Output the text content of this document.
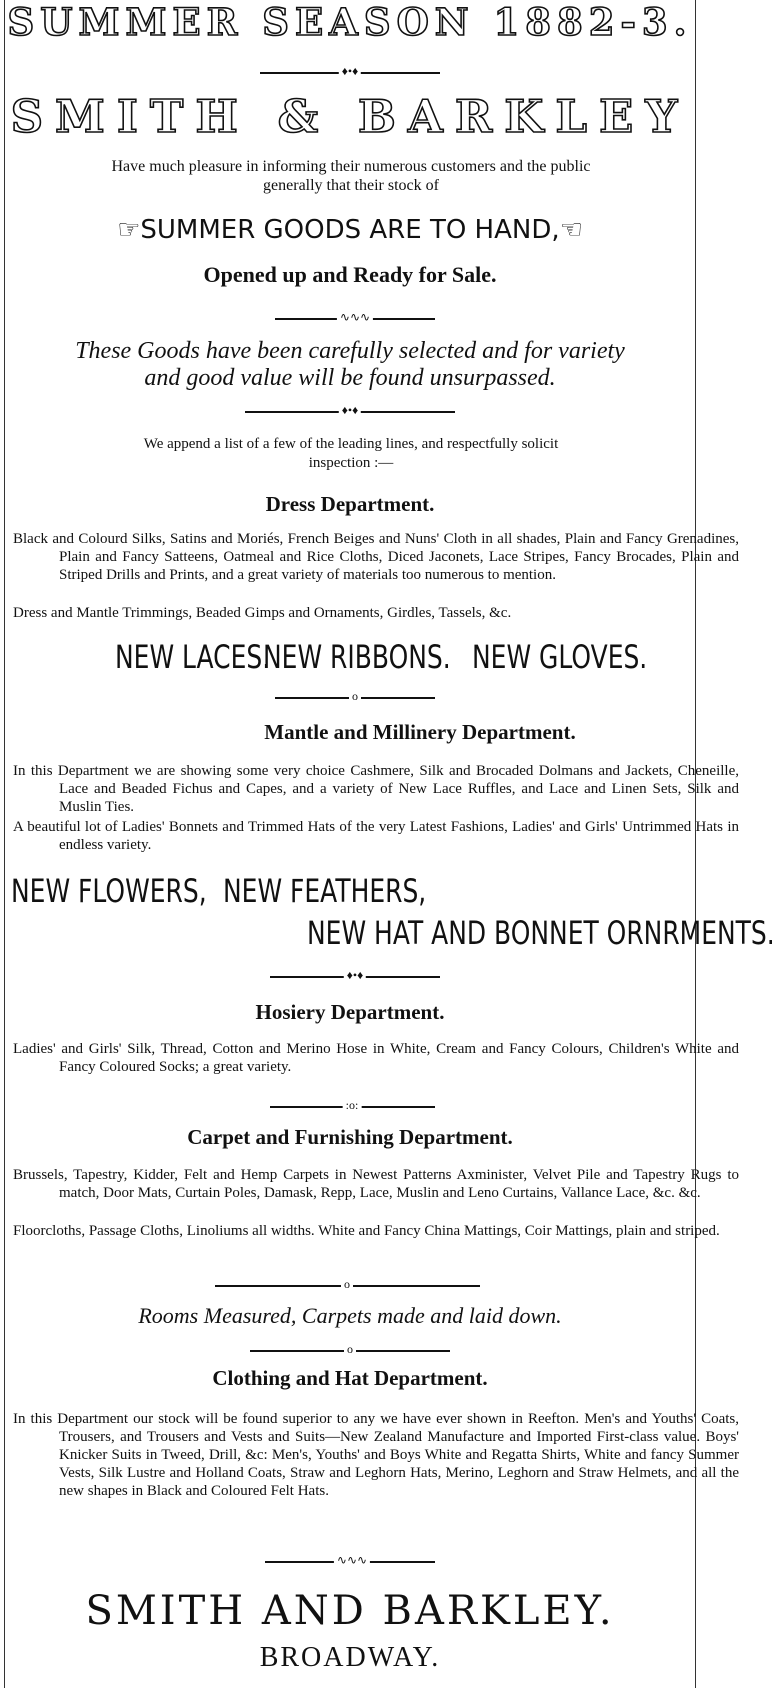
SUMMER SEASON 1882-3.
♦•♦
SMITH & BARKLEY
Have much pleasure in informing their numerous customers and the public
generally that their stock of
☞SUMMER GOODS ARE TO HAND,☜
Opened up and Ready for Sale.
∿∿∿
These Goods have been carefully selected and for variety
and good value will be found unsurpassed.
♦•♦
We append a list of a few of the leading lines, and respectfully solicit
inspection :—
Dress Department.
Black and Colourd Silks, Satins and Moriés, French Beiges and Nuns' Cloth in all shades, Plain and Fancy Grenadines, Plain and Fancy Satteens, Oatmeal and Rice Cloths, Diced Jaconets, Lace Stripes, Fancy Brocades, Plain and Striped Drills and Prints, and a great variety of materials too numerous to mention.
Dress and Mantle Trimmings, Beaded Gimps and Ornaments, Girdles, Tassels, &c.
NEW LACES.
NEW RIBBONS. NEW GLOVES.
o
Mantle and Millinery Department.
In this Department we are showing some very choice Cashmere, Silk and Brocaded Dolmans and Jackets, Cheneille, Lace and Beaded Fichus and Capes, and a variety of New Lace Ruffles, and Lace and Linen Sets, Silk and Muslin Ties.
A beautiful lot of Ladies' Bonnets and Trimmed Hats of the very Latest Fashions, Ladies' and Girls' Untrimmed Hats in endless variety.
NEW FLOWERS, NEW FEATHERS,
NEW HAT AND BONNET ORNRMENTS.
♦•♦
Hosiery Department.
Ladies' and Girls' Silk, Thread, Cotton and Merino Hose in White, Cream and Fancy Colours, Children's White and Fancy Coloured Socks; a great variety.
:o:
Carpet and Furnishing Department.
Brussels, Tapestry, Kidder, Felt and Hemp Carpets in Newest Patterns Axminister, Velvet Pile and Tapestry Rugs to match, Door Mats, Curtain Poles, Damask, Repp, Lace, Muslin and Leno Curtains, Vallance Lace, &c. &c.
Floorcloths, Passage Cloths, Linoliums all widths. White and Fancy China Mattings, Coir Mattings, plain and striped.
o
Rooms Measured, Carpets made and laid down.
o
Clothing and Hat Department.
In this Department our stock will be found superior to any we have ever shown in Reefton. Men's and Youths' Coats, Trousers, and Trousers and Vests and Suits—New Zealand Manufacture and Imported First-class value. Boys' Knicker Suits in Tweed, Drill, &c: Men's, Youths' and Boys White and Regatta Shirts, White and fancy Summer Vests, Silk Lustre and Holland Coats, Straw and Leghorn Hats, Merino, Leghorn and Straw Helmets, and all the new shapes in Black and Coloured Felt Hats.
∿∿∿
SMITH AND BARKLEY.
BROADWAY.
